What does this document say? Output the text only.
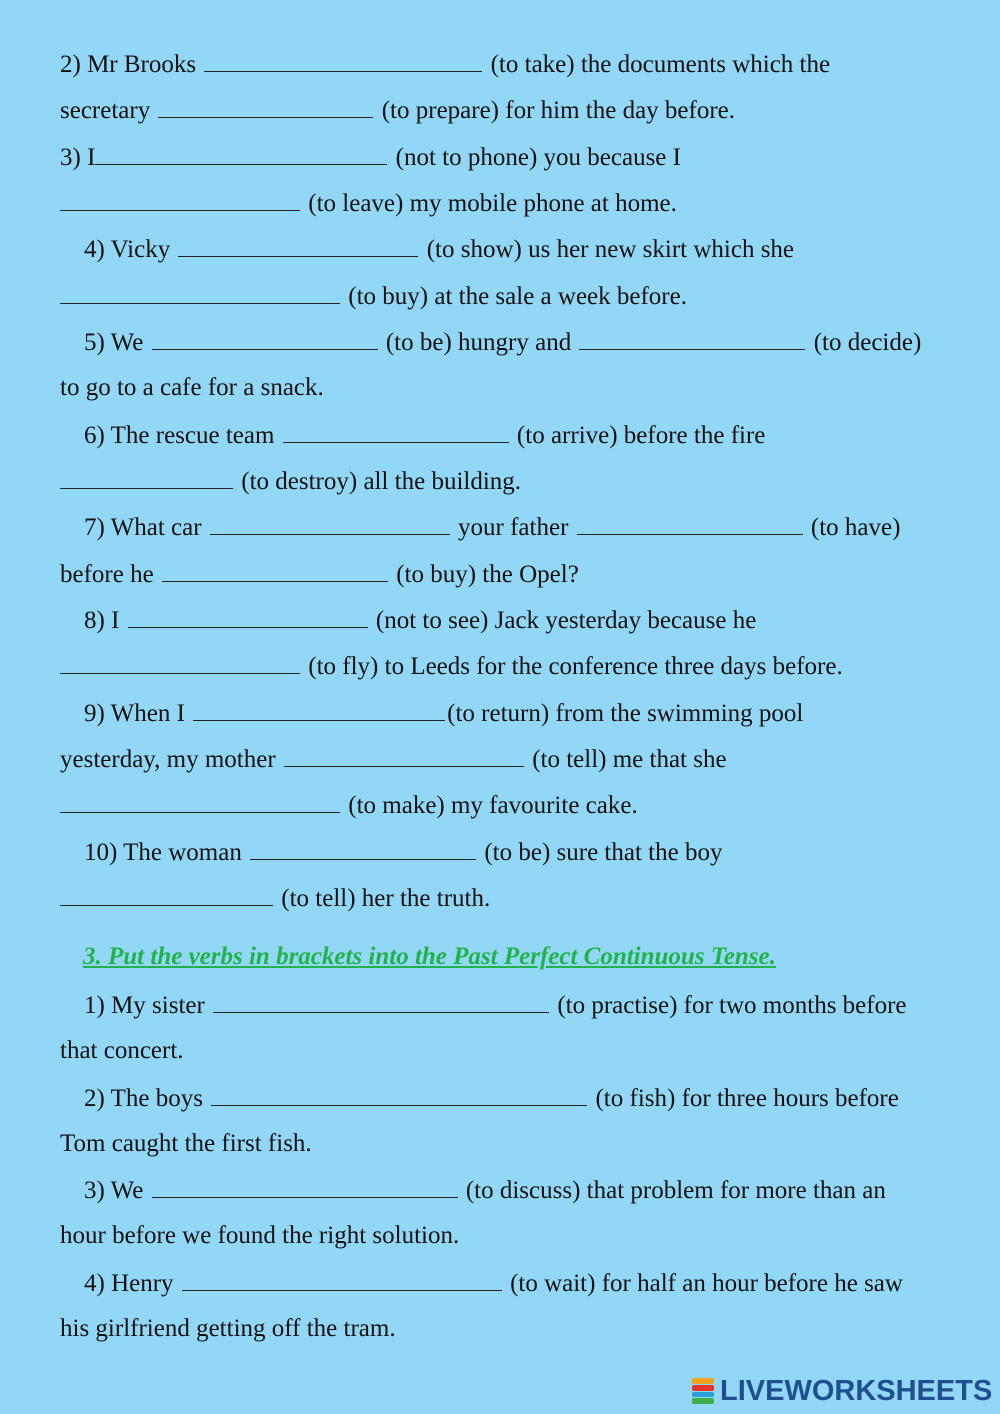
2) Mr Brooks	(to take) the documents which the
secretary	(to prepare) for him the day before.
3) I	(not to phone) you because I
(to leave) my mobile phone at home.
4) Vicky	(to show) us her new skirt which she
(to buy) at the sale a week before.
5) We	(to be) hungry and	(to decide)
to go to a cafe for a snack.
6) The rescue team	(to arrive) before the fire
(to destroy) all the building.
7) What car	your father	(to have)
before he	(to buy) the Opel?
8) I	(not to see) Jack yesterday because he
(to fly) to Leeds for the conference three days before.
9) When I	(to return) from the swimming pool
yesterday, my mother	(to tell) me that she
(to make) my favourite cake.
10) The woman	(to be) sure that the boy
(to tell) her the truth.
3. Put the verbs in brackets into the Past Perfect Continuous Tense.
1) My sister	(to practise) for two months before
that concert.
2) The boys	(to fish) for three hours before
Tom caught the first fish.
3) We	(to discuss) that problem for more than an
hour before we found the right solution.
4) Henry	(to wait) for half an hour before he saw
his girlfriend getting off the tram.
LIVEWORKSHEETS
